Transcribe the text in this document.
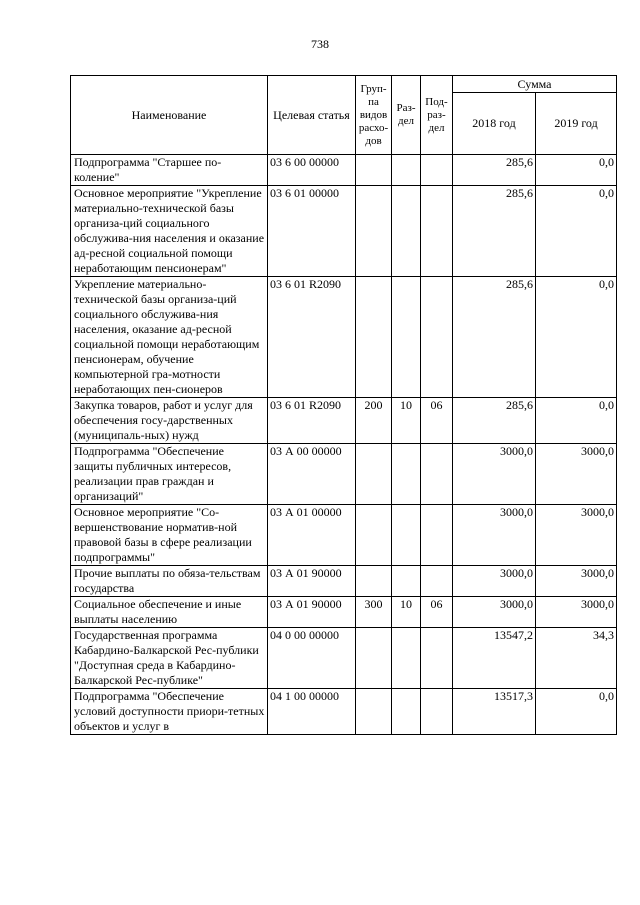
738
Наименование	Целевая статья	Груп-па видов расхо-дов	Раз-дел	Под-раз-дел	Сумма	
					2018 год	2019 год
Подпрограмма "Старшее по-коление"	03 6 00 00000				285,6	0,0
Основное мероприятие "Укрепление материально-технической базы организа-ций социального обслужива-ния населения и оказание ад-ресной социальной помощи неработающим пенсионерам"	03 6 01 00000				285,6	0,0
Укрепление материально-технической базы организа-ций социального обслужива-ния населения, оказание ад-ресной социальной помощи неработающим пенсионерам, обучение компьютерной гра-мотности неработающих пен-сионеров	03 6 01 R2090				285,6	0,0
Закупка товаров, работ и услуг для обеспечения госу-дарственных (муниципаль-ных) нужд	03 6 01 R2090	200	10	06	285,6	0,0
Подпрограмма "Обеспечение защиты публичных интересов, реализации прав граждан и организаций"	03 А 00 00000				3000,0	3000,0
Основное мероприятие "Со-вершенствование норматив-ной правовой базы в сфере реализации подпрограммы"	03 А 01 00000				3000,0	3000,0
Прочие выплаты по обяза-тельствам государства	03 А 01 90000				3000,0	3000,0
Социальное обеспечение и иные выплаты населению	03 А 01 90000	300	10	06	3000,0	3000,0
Государственная программа Кабардино-Балкарской Рес-публики "Доступная среда в Кабардино-Балкарской Рес-публике"	04 0 00 00000				13547,2	34,3
Подпрограмма "Обеспечение условий доступности приори-тетных объектов и услуг в	04 1 00 00000				13517,3	0,0
